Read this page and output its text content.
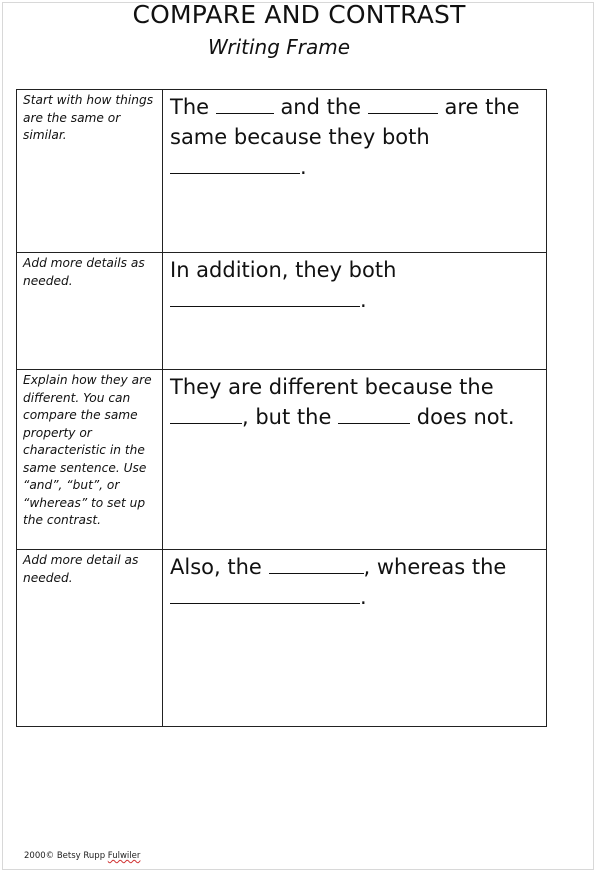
COMPARE AND CONTRAST
Writing Frame
Start with how things are the same or similar.	The and the are the same because they both .

Add more details as needed.	In addition, they both .

Explain how they are different. You can compare the same property or characteristic in the same sentence. Use “and”, “but”, or “whereas” to set up the contrast.	They are different because the , but the does not.

Add more detail as needed.	Also, the , whereas the .
2000© Betsy Rupp Fulwiler
